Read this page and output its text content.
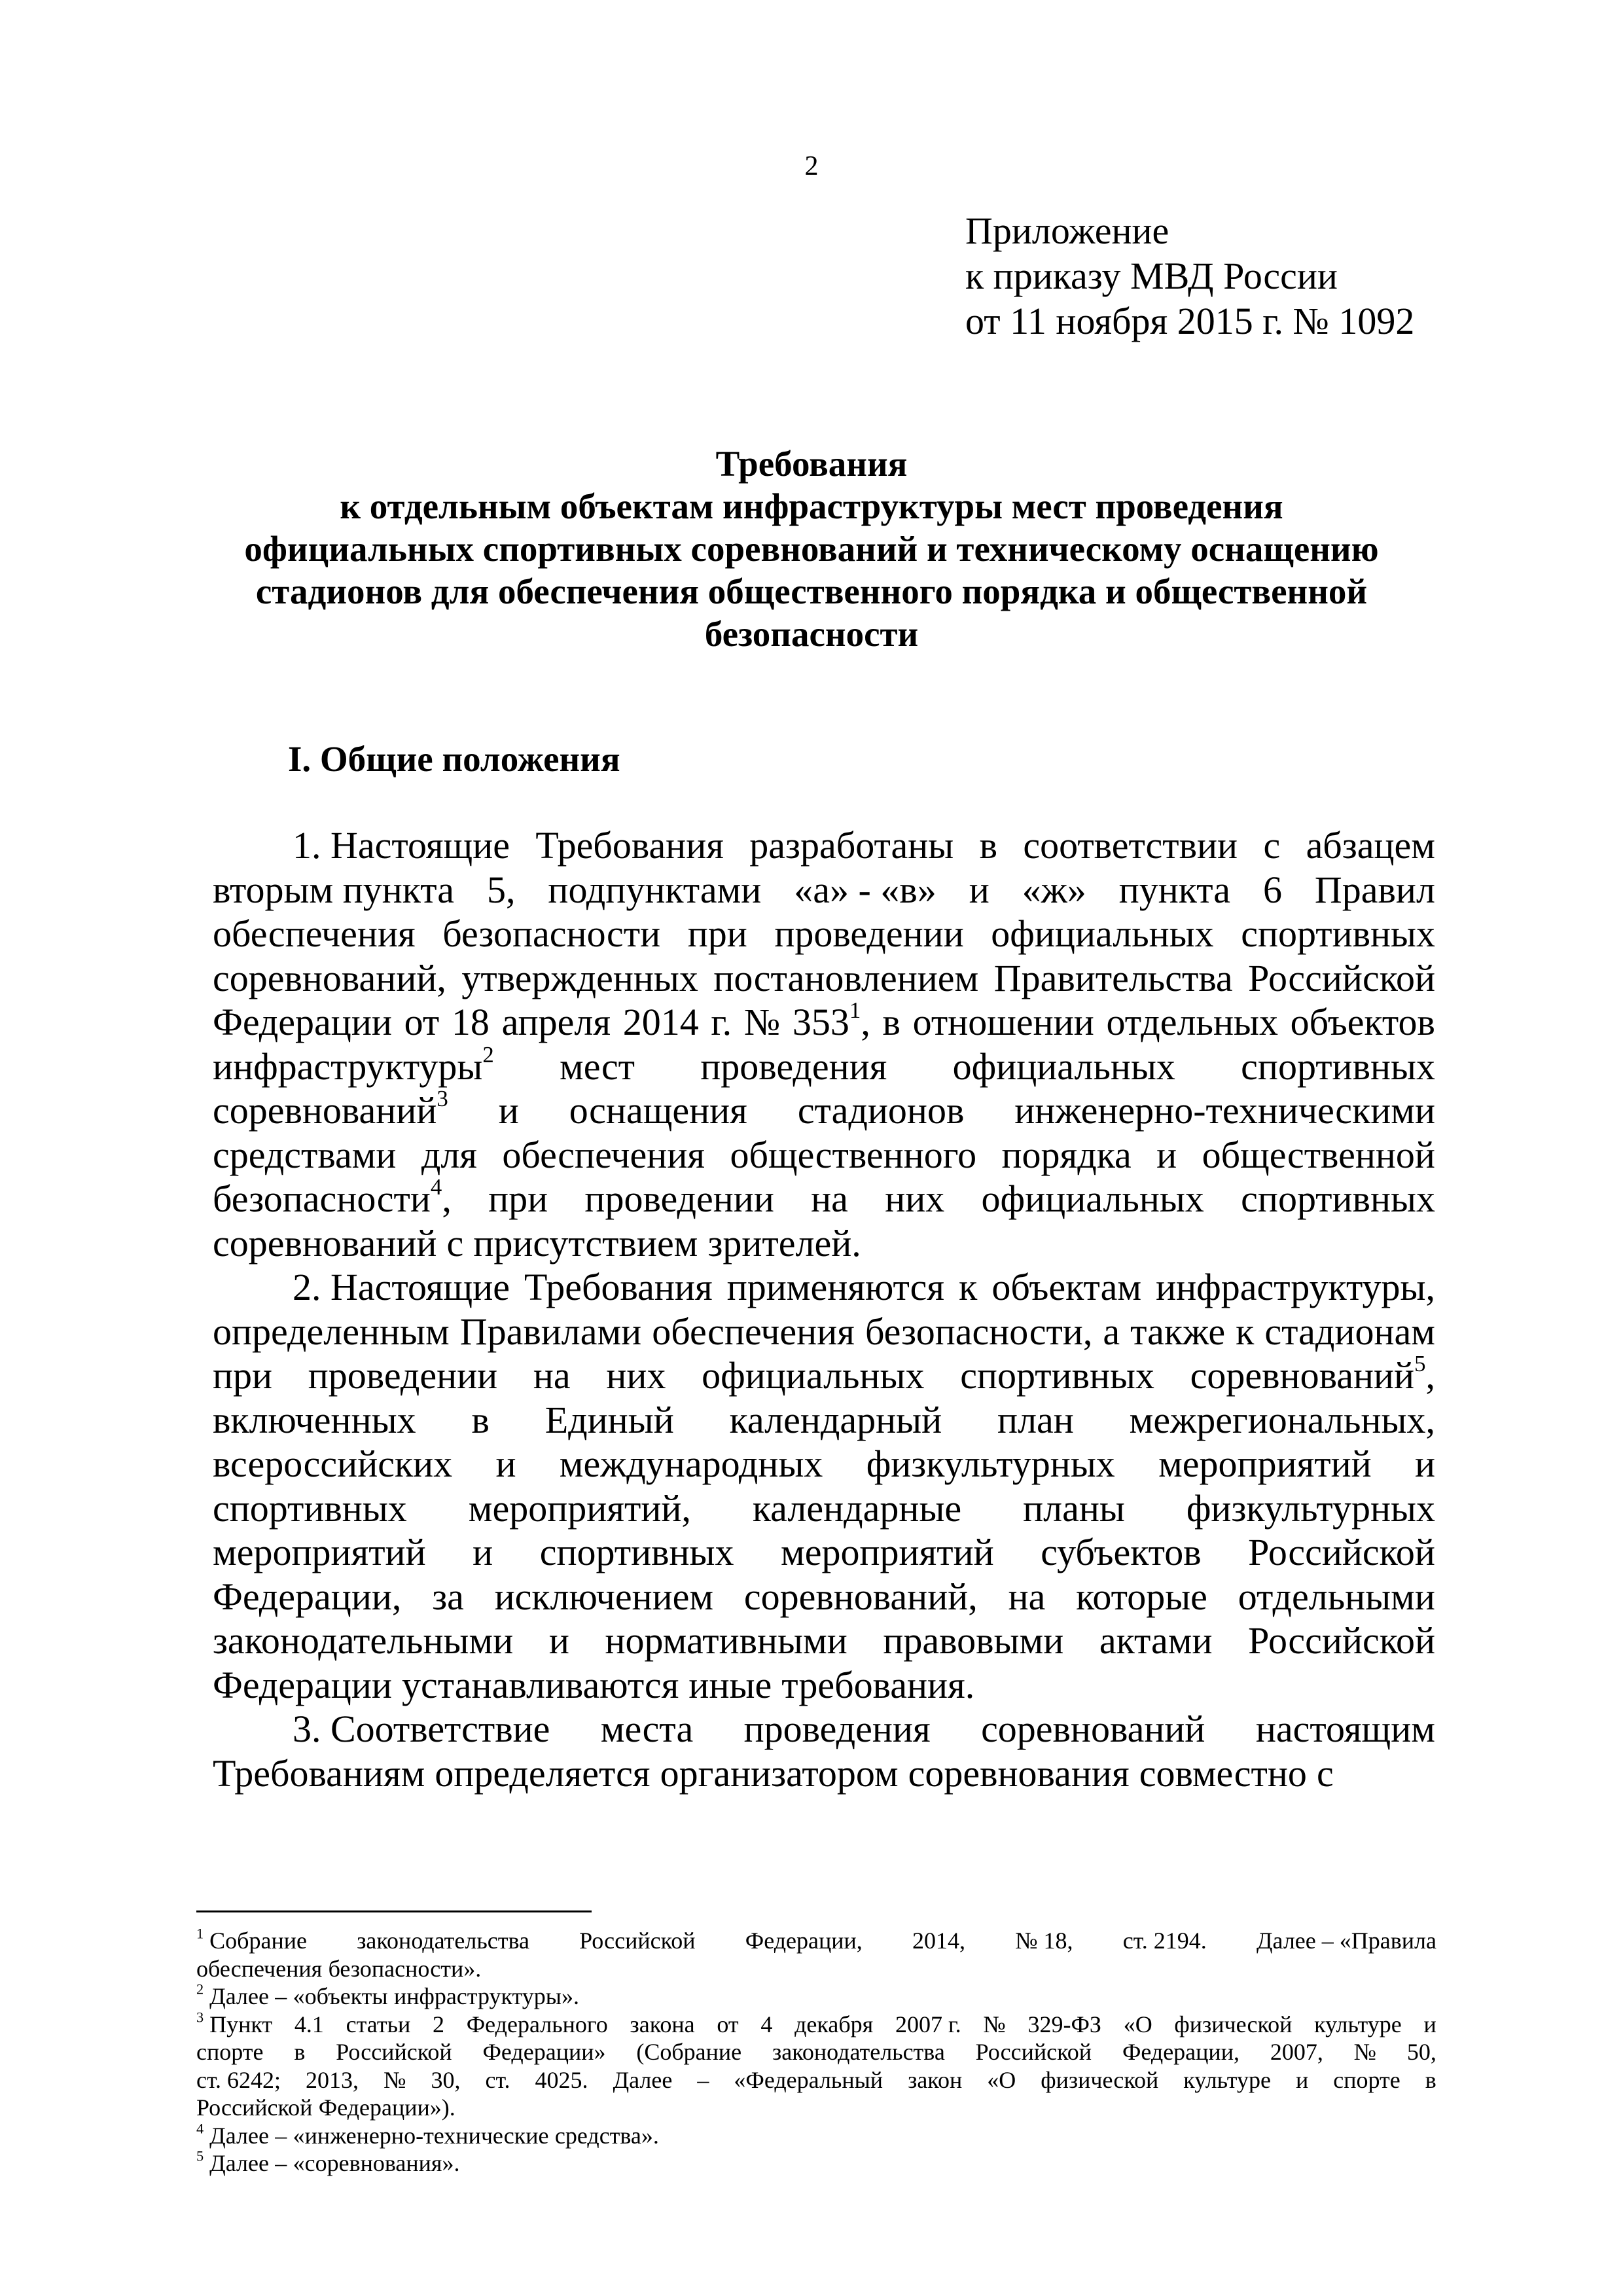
2
Приложение
к приказу МВД России
от 11 ноября 2015 г. № 1092
Требования
к отдельным объектам инфраструктуры мест проведения
официальных спортивных соревнований и техническому оснащению
стадионов для обеспечения общественного порядка и общественной
безопасности
I. Общие положения
1. Настоящие Требования разработаны в соответствии с абзацем
вторым пункта 5, подпунктами «а» - «в» и «ж» пункта 6 Правил
обеспечения безопасности при проведении официальных спортивных
соревнований, утвержденных постановлением Правительства Российской
Федерации от 18 апреля 2014 г. № $353^1$, в отношении отдельных объектов
инфраструктуры$^2$ мест проведения официальных спортивных
соревнований$^3$ и оснащения стадионов инженерно-техническими
средствами для обеспечения общественного порядка и общественной
безопасности$^4$, при проведении на них официальных спортивных
соревнований с присутствием зрителей.
2. Настоящие Требования применяются к объектам инфраструктуры,
определенным Правилами обеспечения безопасности, а также к стадионам
при проведении на них официальных спортивных соревнований$^5$,
включенных в Единый календарный план межрегиональных,
всероссийских и международных физкультурных мероприятий и
спортивных мероприятий, календарные планы физкультурных
мероприятий и спортивных мероприятий субъектов Российской
Федерации, за исключением соревнований, на которые отдельными
законодательными и нормативными правовыми актами Российской
Федерации устанавливаются иные требования.
3. Соответствие места проведения соревнований настоящим
Требованиям определяется организатором соревнования совместно с
$^1$ Собрание законодательства Российской Федерации, 2014, № 18, ст. 2194. Далее – «Правила
обеспечения безопасности».
$^2$ Далее – «объекты инфраструктуры».
$^3$ Пункт 4.1 статьи 2 Федерального закона от 4 декабря 2007 г. № 329-ФЗ «О физической культуре и
спорте в Российской Федерации» (Собрание законодательства Российской Федерации, 2007, № 50,
ст. 6242; 2013, № 30, ст. 4025. Далее – «Федеральный закон «О физической культуре и спорте в
Российской Федерации»).
$^4$ Далее – «инженерно-технические средства».
$^5$ Далее – «соревнования».
